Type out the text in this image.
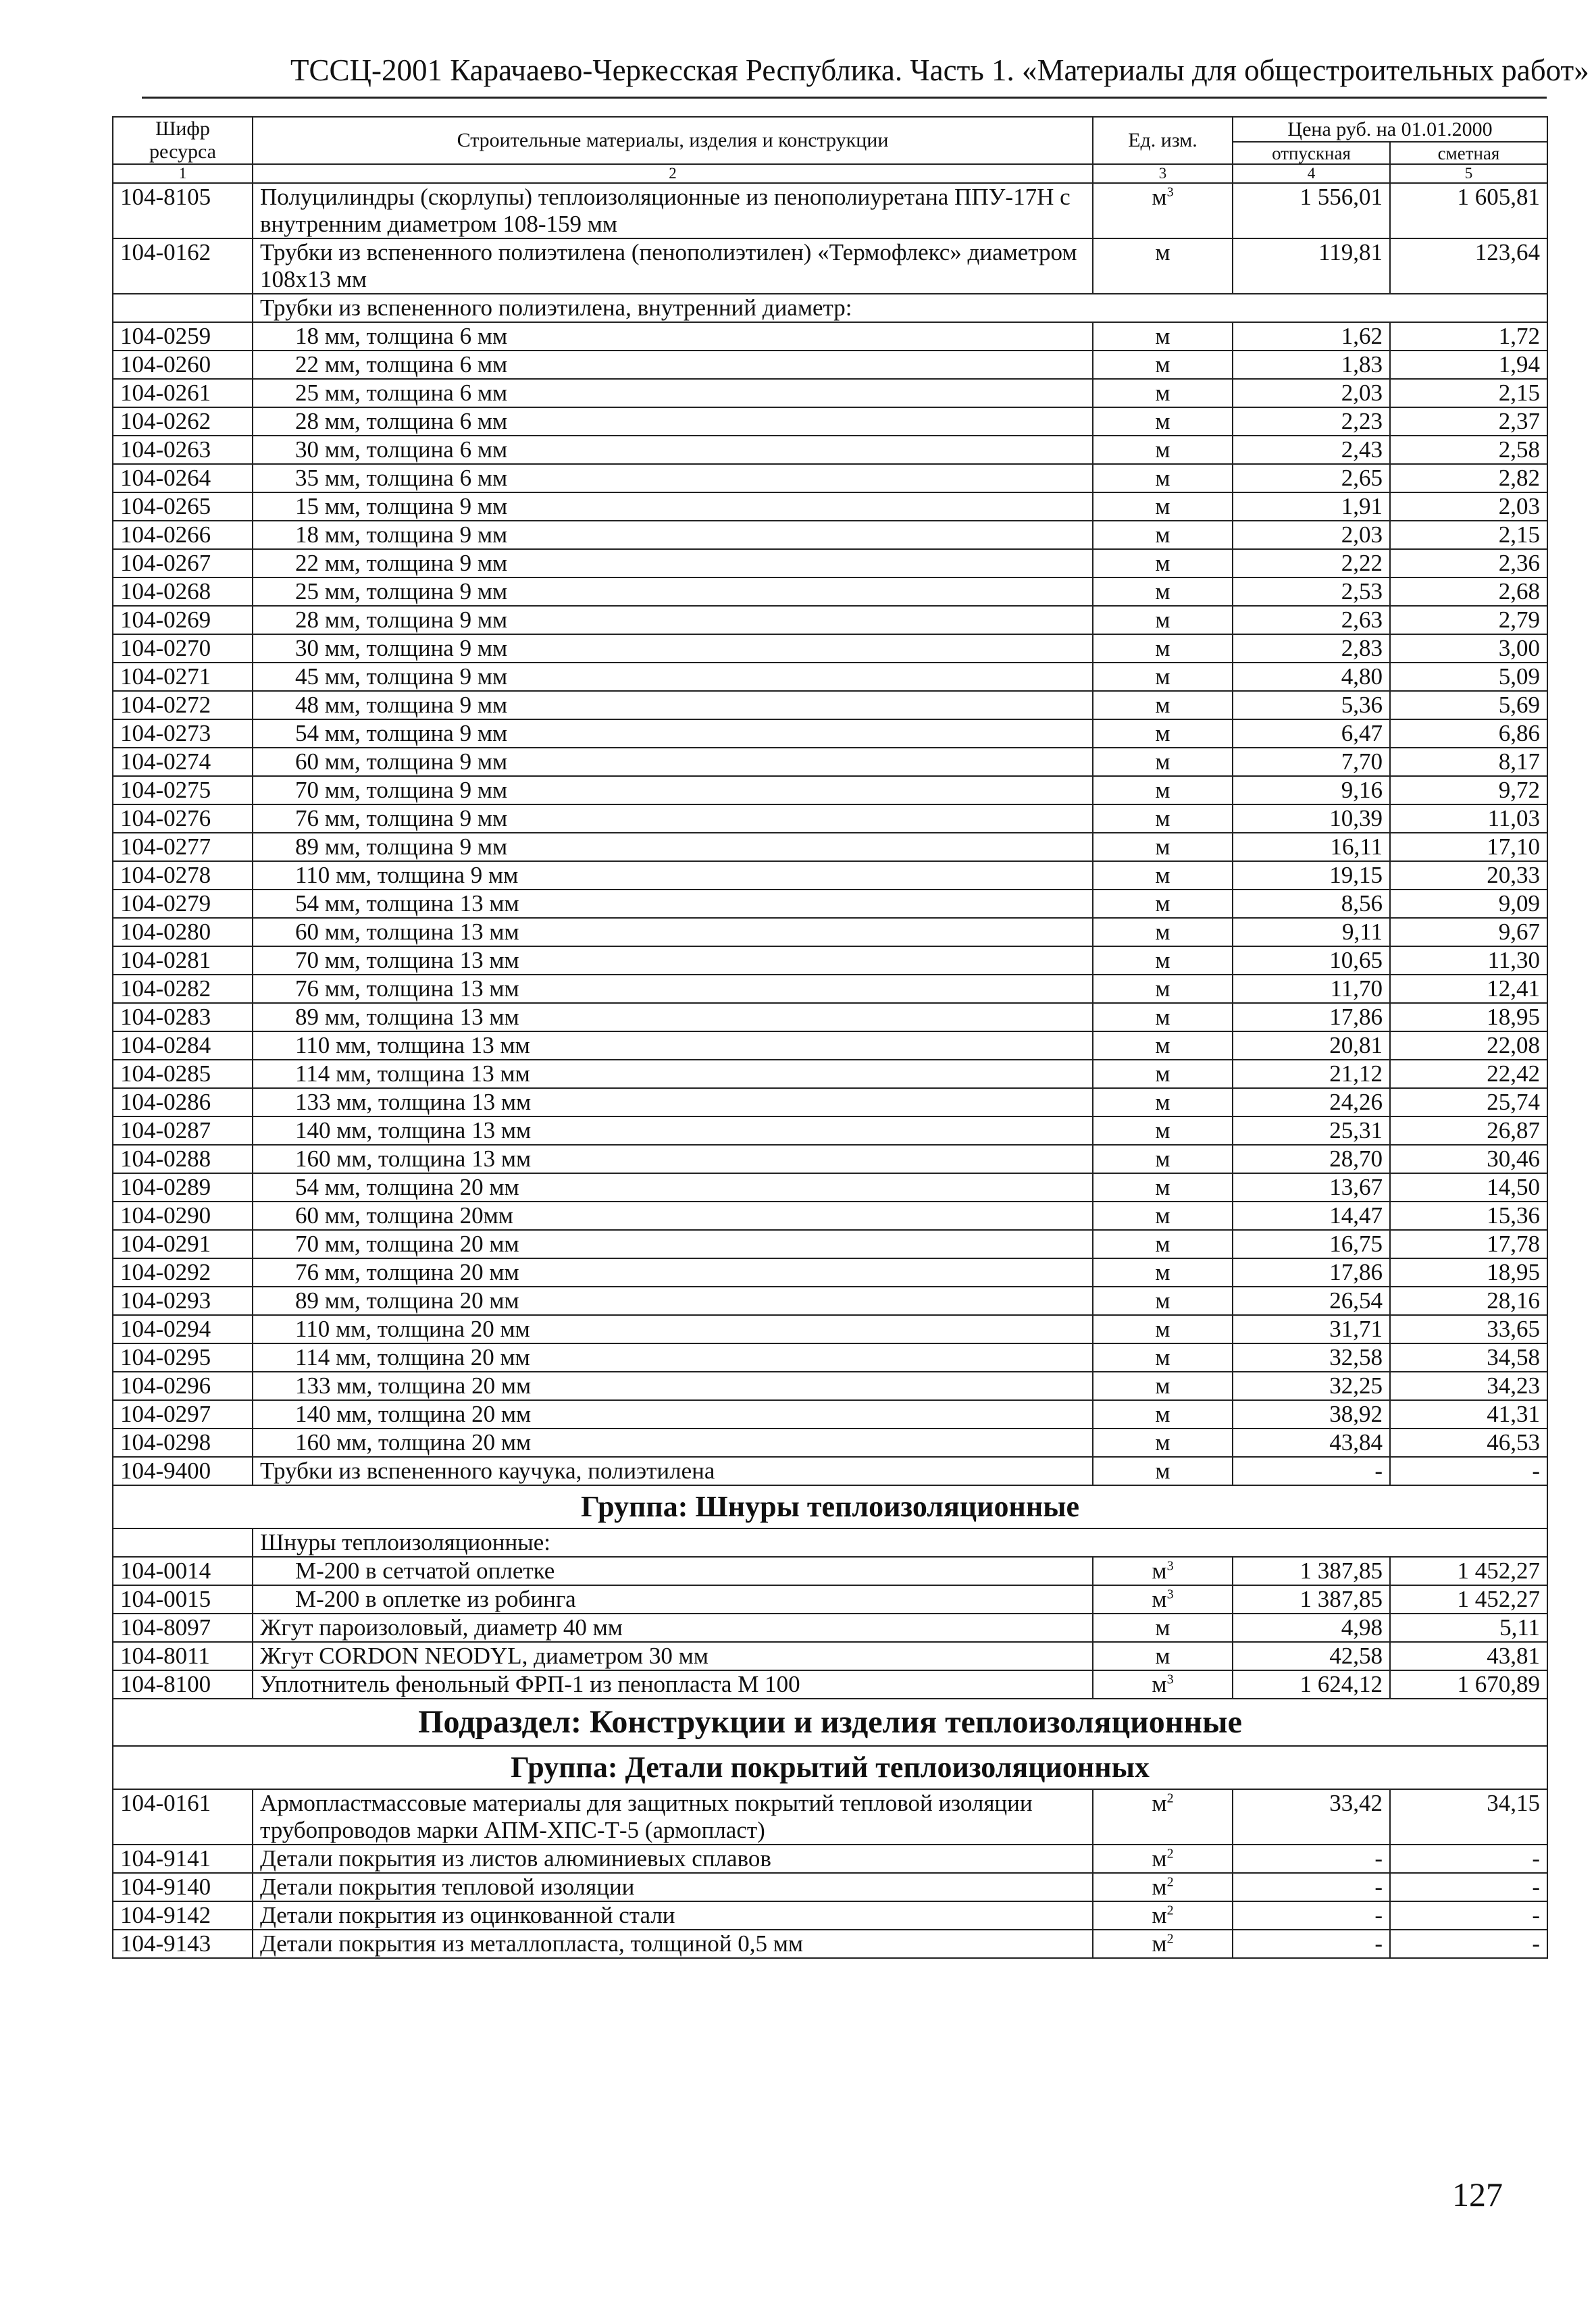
ТССЦ-2001 Карачаево-Черкесская Республика. Часть 1. «Материалы для общестроительных работ»
Шифр ресурса	Строительные материалы, изделия и конструкции	Ед. изм.	Цена руб. на 01.01.2000	
			отпускная	сметная
1	2	3	4	5
104-8105	Полуцилиндры (скорлупы) теплоизоляционные из пенополиуретана ППУ-17Н с внутренним диаметром 108-159 мм	$м^3$	1 556,01	1 605,81
104-0162	Трубки из вспененного полиэтилена (пенополиэтилен) «Термофлекс» диаметром 108х13 мм	м	119,81	123,64
	Трубки из вспененного полиэтилена, внутренний диаметр:			
104-0259	18 мм, толщина 6 мм	м	1,62	1,72
104-0260	22 мм, толщина 6 мм	м	1,83	1,94
104-0261	25 мм, толщина 6 мм	м	2,03	2,15
104-0262	28 мм, толщина 6 мм	м	2,23	2,37
104-0263	30 мм, толщина 6 мм	м	2,43	2,58
104-0264	35 мм, толщина 6 мм	м	2,65	2,82
104-0265	15 мм, толщина 9 мм	м	1,91	2,03
104-0266	18 мм, толщина 9 мм	м	2,03	2,15
104-0267	22 мм, толщина 9 мм	м	2,22	2,36
104-0268	25 мм, толщина 9 мм	м	2,53	2,68
104-0269	28 мм, толщина 9 мм	м	2,63	2,79
104-0270	30 мм, толщина 9 мм	м	2,83	3,00
104-0271	45 мм, толщина 9 мм	м	4,80	5,09
104-0272	48 мм, толщина 9 мм	м	5,36	5,69
104-0273	54 мм, толщина 9 мм	м	6,47	6,86
104-0274	60 мм, толщина 9 мм	м	7,70	8,17
104-0275	70 мм, толщина 9 мм	м	9,16	9,72
104-0276	76 мм, толщина 9 мм	м	10,39	11,03
104-0277	89 мм, толщина 9 мм	м	16,11	17,10
104-0278	110 мм, толщина 9 мм	м	19,15	20,33
104-0279	54 мм, толщина 13 мм	м	8,56	9,09
104-0280	60 мм, толщина 13 мм	м	9,11	9,67
104-0281	70 мм, толщина 13 мм	м	10,65	11,30
104-0282	76 мм, толщина 13 мм	м	11,70	12,41
104-0283	89 мм, толщина 13 мм	м	17,86	18,95
104-0284	110 мм, толщина 13 мм	м	20,81	22,08
104-0285	114 мм, толщина 13 мм	м	21,12	22,42
104-0286	133 мм, толщина 13 мм	м	24,26	25,74
104-0287	140 мм, толщина 13 мм	м	25,31	26,87
104-0288	160 мм, толщина 13 мм	м	28,70	30,46
104-0289	54 мм, толщина 20 мм	м	13,67	14,50
104-0290	60 мм, толщина 20мм	м	14,47	15,36
104-0291	70 мм, толщина 20 мм	м	16,75	17,78
104-0292	76 мм, толщина 20 мм	м	17,86	18,95
104-0293	89 мм, толщина 20 мм	м	26,54	28,16
104-0294	110 мм, толщина 20 мм	м	31,71	33,65
104-0295	114 мм, толщина 20 мм	м	32,58	34,58
104-0296	133 мм, толщина 20 мм	м	32,25	34,23
104-0297	140 мм, толщина 20 мм	м	38,92	41,31
104-0298	160 мм, толщина 20 мм	м	43,84	46,53
104-9400	Трубки из вспененного каучука, полиэтилена	м	-	-
Группа: Шнуры теплоизоляционные				
	Шнуры теплоизоляционные:			
104-0014	М-200 в сетчатой оплетке	$м^3$	1 387,85	1 452,27
104-0015	М-200 в оплетке из робинга	$м^3$	1 387,85	1 452,27
104-8097	Жгут пароизоловый, диаметр 40 мм	м	4,98	5,11
104-8011	Жгут CORDON NEODYL, диаметром 30 мм	м	42,58	43,81
104-8100	Уплотнитель фенольный ФРП-1 из пенопласта М 100	$м^3$	1 624,12	1 670,89
Подраздел: Конструкции и изделия теплоизоляционные				
Группа: Детали покрытий теплоизоляционных				
104-0161	Армопластмассовые материалы для защитных покрытий тепловой изоляции трубопроводов марки АПМ-ХПС-Т-5 (армопласт)	$м^2$	33,42	34,15
104-9141	Детали покрытия из листов алюминиевых сплавов	$м^2$	-	-
104-9140	Детали покрытия тепловой изоляции	$м^2$	-	-
104-9142	Детали покрытия из оцинкованной стали	$м^2$	-	-
104-9143	Детали покрытия из металлопласта, толщиной 0,5 мм	$м^2$	-	-
127
